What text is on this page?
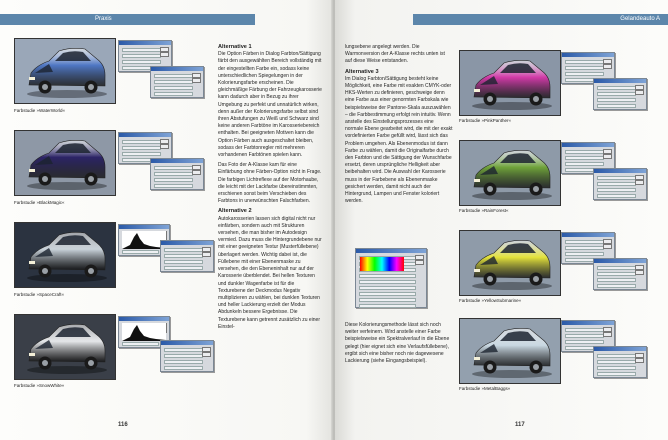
Praxis
Farbstudie »WaterWorld«
Farbstudie »BlackMagic«
Farbstudie »SpaceCraft«
Farbstudie »SnowWhite«
Alternative 1

Die Option Färben in Dialog Farbton/Sättigung färbt den ausgewählten Bereich vollständig mit der eingestellten Farbe ein, sodass keine unterschiedlichen Spiegelungen in der Kolorierungsfarbe erscheinen. Die gleichmäßige Färbung der Fahrzeugkarosserie kann dadurch aber in Bezug zu ihrer Umgebung zu perfekt und unnatürlich wirken, denn außer der Kolorierungsfarbe selbst sind ihren Abstufungen zu Weiß und Schwarz sind keine anderen Farbtöne im Karosseriebereich enthalten. Bei geeigneten Motiven kann die Option Färben auch ausgeschaltet bleiben, sodass der Farbtonregler mit mehreren vorhandenen Farbtönen spielen kann.

Das Foto der A-Klasse kam für eine Einfärbung ohne Färben-Option nicht in Frage. Die farbigen Lichtreflexe auf der Motorhaube, die leicht mit der Lackfarbe übereinstimmten, erschienen sonst beim Verschieben des Farbtons in unerwünschten Falschfarben.

Alternative 2

Autokarosserien lassen sich digital nicht nur einfärben, sondern auch mit Strukturen versehen, die man bisher im Autodesign vermied. Dazu muss die Hintergrundebene nur mit einer geeigneten Textur (Musterfüllebene) überlagert werden. Wichtig dabei ist, die Füllebene mit einer Ebenenmaske zu versehen, die den Ebeneninhalt nur auf der Karosserie überblendet. Bei hellen Texturen und dunkler Wagenfarbe ist für die Texturebene der Deckmodus Negativ multiplizieren zu wählen, bei dunklen Texturen und heller Lackierung erzielt der Modus Abdunkeln bessere Ergebnisse. Die Texturebene kann getrennt zusätzlich zu einer Einstel-

116
Gelandeauto A

lungsebene angelegt werden. Die Warmonversion der A-Klasse rechts unten ist auf diese Weise entstanden.

Alternative 3

Im Dialog Farbton/Sättigung besteht keine Möglichkeit, eine Farbe mit exakten CMYK-oder HKS-Werten zu definieren, geschweige denn eine Farbe aus einer genormten Farbskala wie beispielsweise der Pantone-Skala auszuwählen – die Farbbestimmung erfolgt rein intuitiv. Wenn anstelle des Einstellungsprozesses eine normale Ebene gearbeitet wird, die mit der exakt vordefinierten Farbe gefüllt wird, lässt sich das Problem umgehen. Als Ebenenmodus ist dann Farbe zu wählen, damit die Originalfarbe durch den Farbton und die Sättigung der Wunschfarbe ersetzt, deren ursprüngliche Helligkeit aber beibehalten wird. Die Auswahl der Karosserie muss in der Farbebene als Ebenenmaske gesichert werden, damit nicht auch der Hintergrund, Lampen und Fenster koloriert werden.

Diese Kolorierungsmethode lässt sich noch weiter verfeinern. Wird anstelle einer Farbe beispielsweise ein Spektralverlauf in die Ebene gelegt (hier eignet sich eine Verlaufsfüllebene), ergibt sich eine bisher noch nie dagewesene Lackierung (siehe Eingangsbeispiel).

Farbstudie »PinkPanther«
Farbstudie »RainForest«
Farbstudie »YellowSubmarine«
Farbstudie »MetalBaggs«
117
